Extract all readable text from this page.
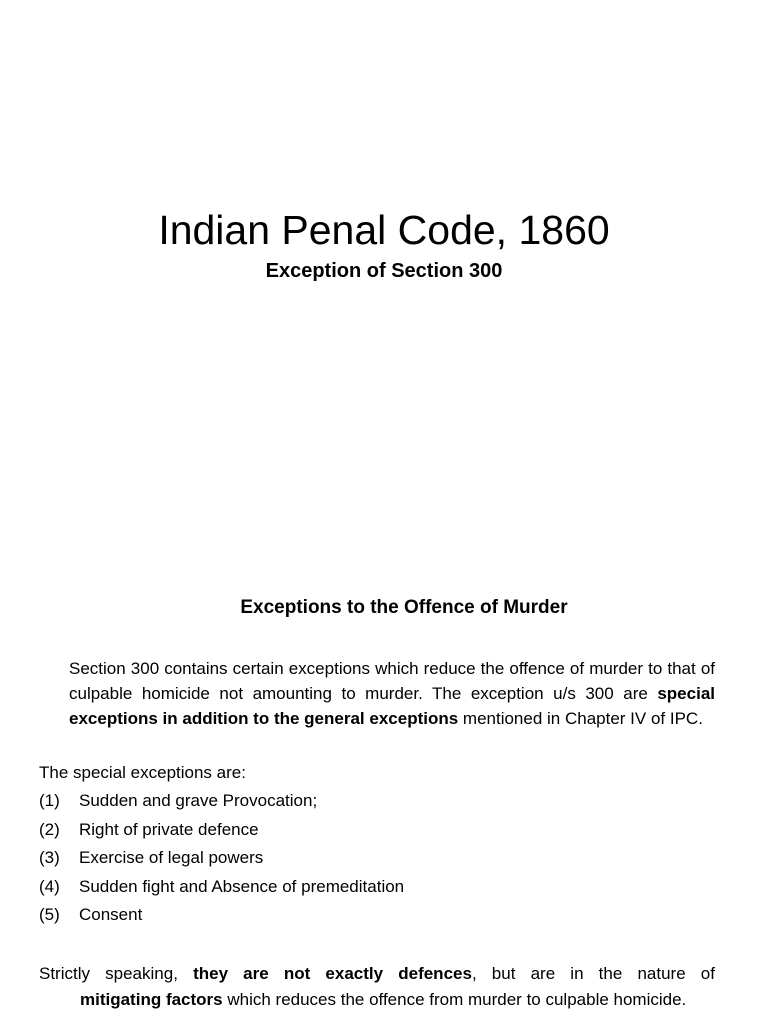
Indian Penal Code, 1860
Exception of Section 300
Exceptions to the Offence of Murder
Section 300 contains certain exceptions which reduce the offence of murder to that of culpable homicide not amounting to murder. The exception u/s 300 are special exceptions in addition to the general exceptions mentioned in Chapter IV of IPC.
The special exceptions are:
(1)	Sudden and grave Provocation;
(2)	Right of private defence
(3)	Exercise of legal powers
(4)	Sudden fight and Absence of premeditation
(5)	Consent
Strictly speaking, they are not exactly defences, but are in the nature of
mitigating factors which reduces the offence from murder to culpable homicide.
